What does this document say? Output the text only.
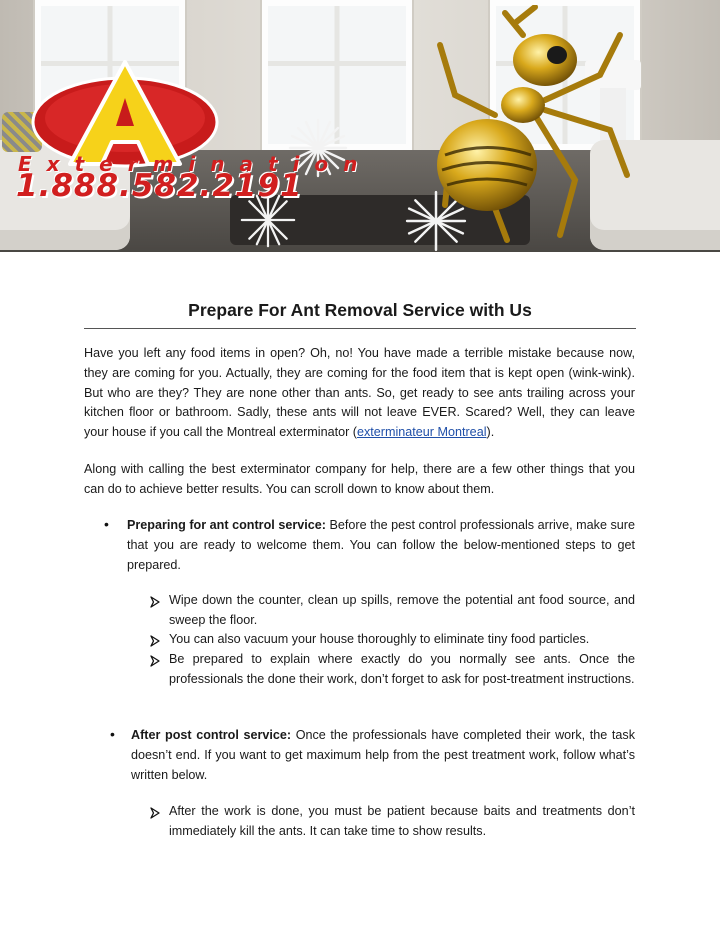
Extermination
1.888.582.2191
Prepare For Ant Removal Service with Us

Have you left any food items in open? Oh, no! You have made a terrible mistake because now, they are coming for you. Actually, they are coming for the food item that is kept open (wink-wink). But who are they? They are none other than ants. So, get ready to see ants trailing across your kitchen floor or bathroom. Sadly, these ants will not leave EVER. Scared? Well, they can leave your house if you call the Montreal exterminator (exterminateur Montreal).

Along with calling the best exterminator company for help, there are a few other things that you can do to achieve better results. You can scroll down to know about them.

• Preparing for ant control service: Before the pest control professionals arrive, make sure that you are ready to welcome them. You can follow the below-mentioned steps to get prepared.

Wipe down the counter, clean up spills, remove the potential ant food source, and sweep the floor.

You can also vacuum your house thoroughly to eliminate tiny food particles.

Be prepared to explain where exactly do you normally see ants. Once the professionals the done their work, don’t forget to ask for post-treatment instructions.

• After post control service: Once the professionals have completed their work, the task doesn’t end. If you want to get maximum help from the pest treatment work, follow what’s written below.

After the work is done, you must be patient because baits and treatments don’t immediately kill the ants. It can take time to show results.
